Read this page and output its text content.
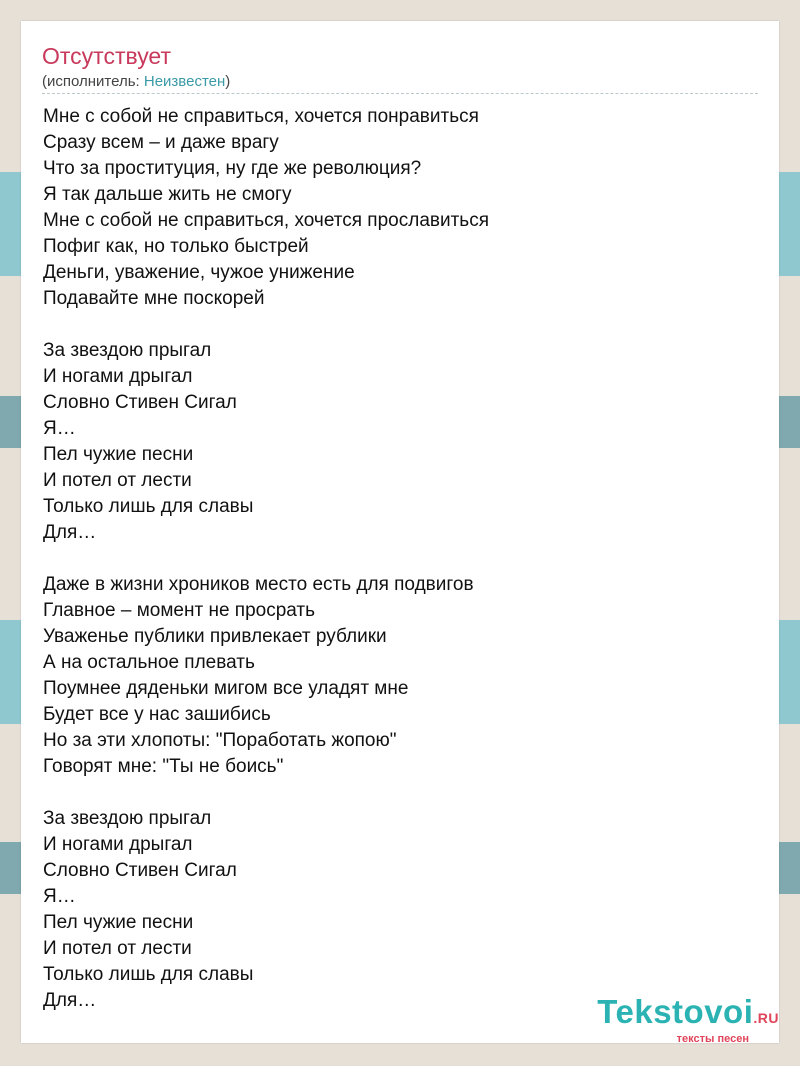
Отсутствует
(исполнитель: Неизвестен)
Мне с собой не справиться, хочется понравиться
Сразу всем – и даже врагу
Что за проституция, ну где же революция?
Я так дальше жить не смогу
Мне с собой не справиться, хочется прославиться
Пофиг как, но только быстрей
Деньги, уважение, чужое унижение
Подавайте мне поскорей
За звездою прыгал
И ногами дрыгал
Словно Стивен Сигал
Я…
Пел чужие песни
И потел от лести
Только лишь для славы
Для…
Даже в жизни хроников место есть для подвигов
Главное – момент не просрать
Уваженье публики привлекает рублики
А на остальное плевать
Поумнее дяденьки мигом все уладят мне
Будет все у нас зашибись
Но за эти хлопоты: "Поработать жопою"
Говорят мне: "Ты не боись"
За звездою прыгал
И ногами дрыгал
Словно Стивен Сигал
Я…
Пел чужие песни
И потел от лести
Только лишь для славы
Для…	Tekstovoi.RU
тексты песен
